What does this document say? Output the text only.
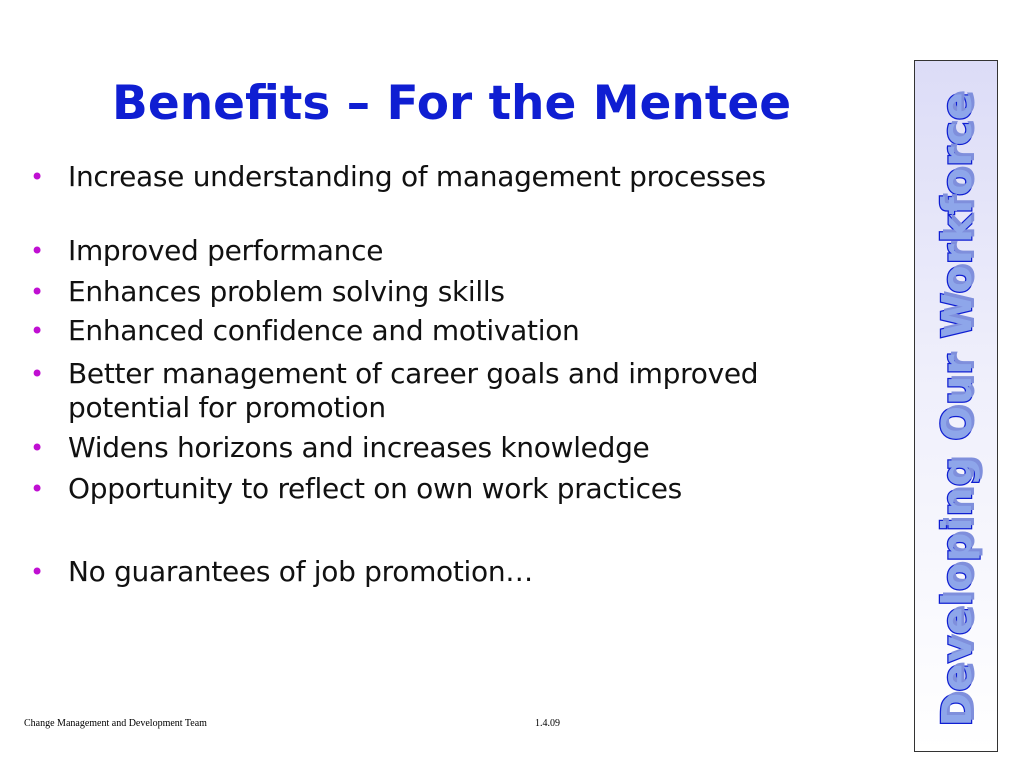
Benefits – For the Mentee
• Increase understanding of management processes
• Improved performance
• Enhances problem solving skills
• Enhanced confidence and motivation
• Better management of career goals and improved potential for promotion
• Widens horizons and increases knowledge
• Opportunity to reflect on own work practices
• No guarantees of job promotion…
Change Management and Development Team	1.4.09	Developing Our Workforce
